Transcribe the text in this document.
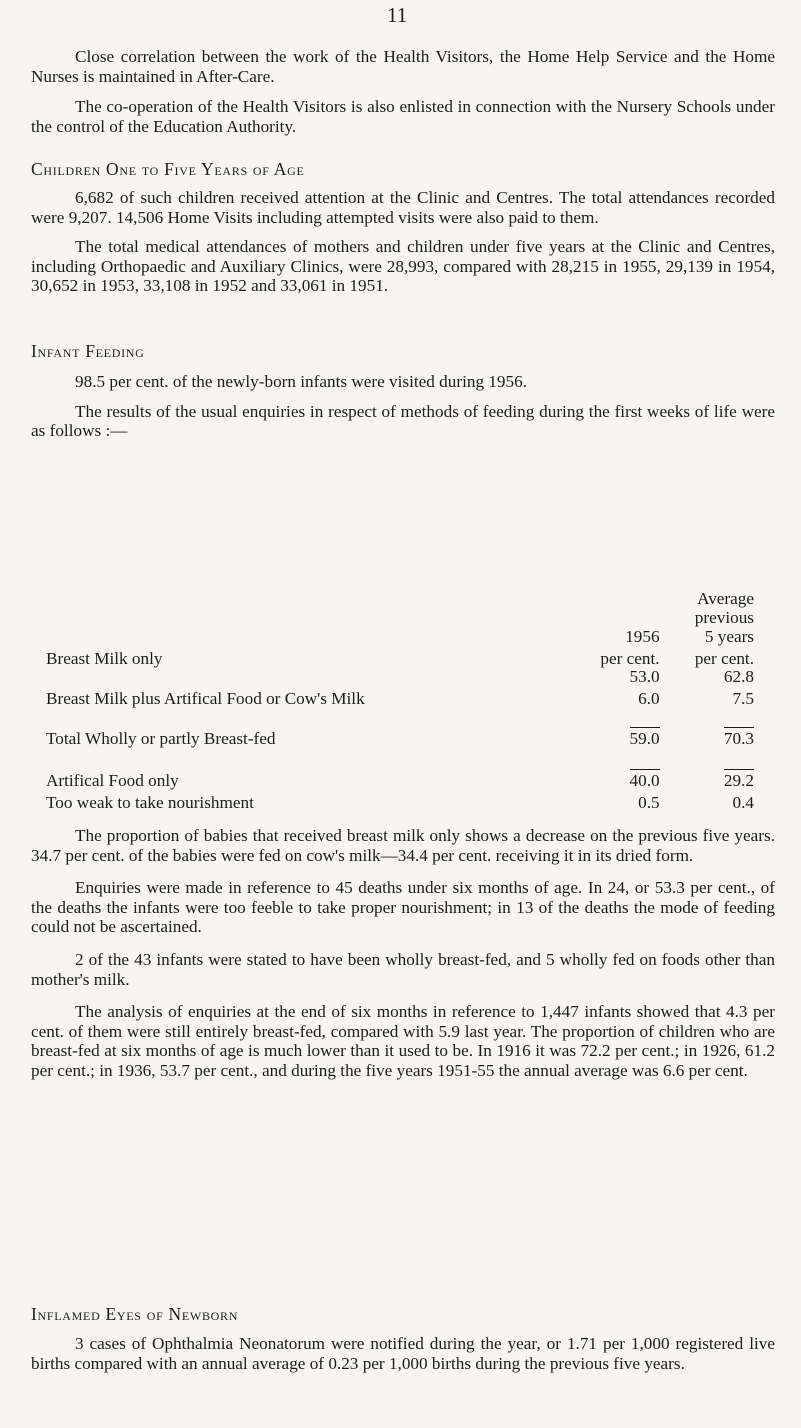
11

Close correlation between the work of the Health Visitors, the Home Help Service and the Home Nurses is maintained in After-Care.

The co-operation of the Health Visitors is also enlisted in connection with the Nursery Schools under the control of the Education Authority.

Children One to Five Years of Age

6,682 of such children received attention at the Clinic and Centres. The total attendances recorded were 9,207. 14,506 Home Visits including attempted visits were also paid to them.

The total medical attendances of mothers and children under five years at the Clinic and Centres, including Orthopaedic and Auxiliary Clinics, were 28,993, compared with 28,215 in 1955, 29,139 in 1954, 30,652 in 1953, 33,108 in 1952 and 33,061 in 1951.

Infant Feeding

98.5 per cent. of the newly-born infants were visited during 1956.

The results of the usual enquiries in respect of methods of feeding during the first weeks of life were as follows :—

		Average
		previous
	1956	5 years
Breast Milk only	per cent.	per cent.
	53.0	62.8
Breast Milk plus Artifical Food or Cow's Milk	6.0	7.5
Total Wholly or partly Breast-fed	59.0	70.3
Artifical Food only	40.0	29.2
Too weak to take nourishment	0.5	0.4

The proportion of babies that received breast milk only shows a decrease on the previous five years. 34.7 per cent. of the babies were fed on cow's milk—34.4 per cent. receiving it in its dried form.

Enquiries were made in reference to 45 deaths under six months of age. In 24, or 53.3 per cent., of the deaths the infants were too feeble to take proper nourishment; in 13 of the deaths the mode of feeding could not be ascertained.

2 of the 43 infants were stated to have been wholly breast-fed, and 5 wholly fed on foods other than mother's milk.

The analysis of enquiries at the end of six months in reference to 1,447 infants showed that 4.3 per cent. of them were still entirely breast-fed, compared with 5.9 last year. The proportion of children who are breast-fed at six months of age is much lower than it used to be. In 1916 it was 72.2 per cent.; in 1926, 61.2 per cent.; in 1936, 53.7 per cent., and during the five years 1951-55 the annual average was 6.6 per cent.

Inflamed Eyes of Newborn

3 cases of Ophthalmia Neonatorum were notified during the year, or 1.71 per 1,000 registered live births compared with an annual average of 0.23 per 1,000 births during the previous five years.
